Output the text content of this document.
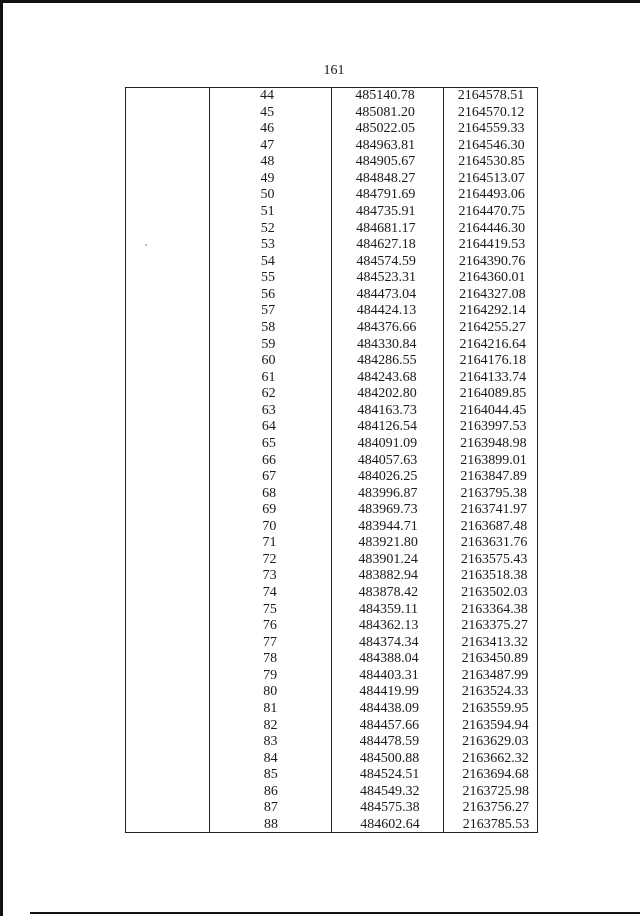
161
44	485140.78	2164578.51
45	485081.20	2164570.12
46	485022.05	2164559.33
47	484963.81	2164546.30
48	484905.67	2164530.85
49	484848.27	2164513.07
50	484791.69	2164493.06
51	484735.91	2164470.75
52	484681.17	2164446.30
53	484627.18	2164419.53
54	484574.59	2164390.76
55	484523.31	2164360.01
56	484473.04	2164327.08
57	484424.13	2164292.14
58	484376.66	2164255.27
59	484330.84	2164216.64
60	484286.55	2164176.18
61	484243.68	2164133.74
62	484202.80	2164089.85
63	484163.73	2164044.45
64	484126.54	2163997.53
65	484091.09	2163948.98
66	484057.63	2163899.01
67	484026.25	2163847.89
68	483996.87	2163795.38
69	483969.73	2163741.97
70	483944.71	2163687.48
71	483921.80	2163631.76
72	483901.24	2163575.43
73	483882.94	2163518.38
74	483878.42	2163502.03
75	484359.11	2163364.38
76	484362.13	2163375.27
77	484374.34	2163413.32
78	484388.04	2163450.89
79	484403.31	2163487.99
80	484419.99	2163524.33
81	484438.09	2163559.95
82	484457.66	2163594.94
83	484478.59	2163629.03
84	484500.88	2163662.32
85	484524.51	2163694.68
86	484549.32	2163725.98
87	484575.38	2163756.27
88	484602.64	2163785.53
